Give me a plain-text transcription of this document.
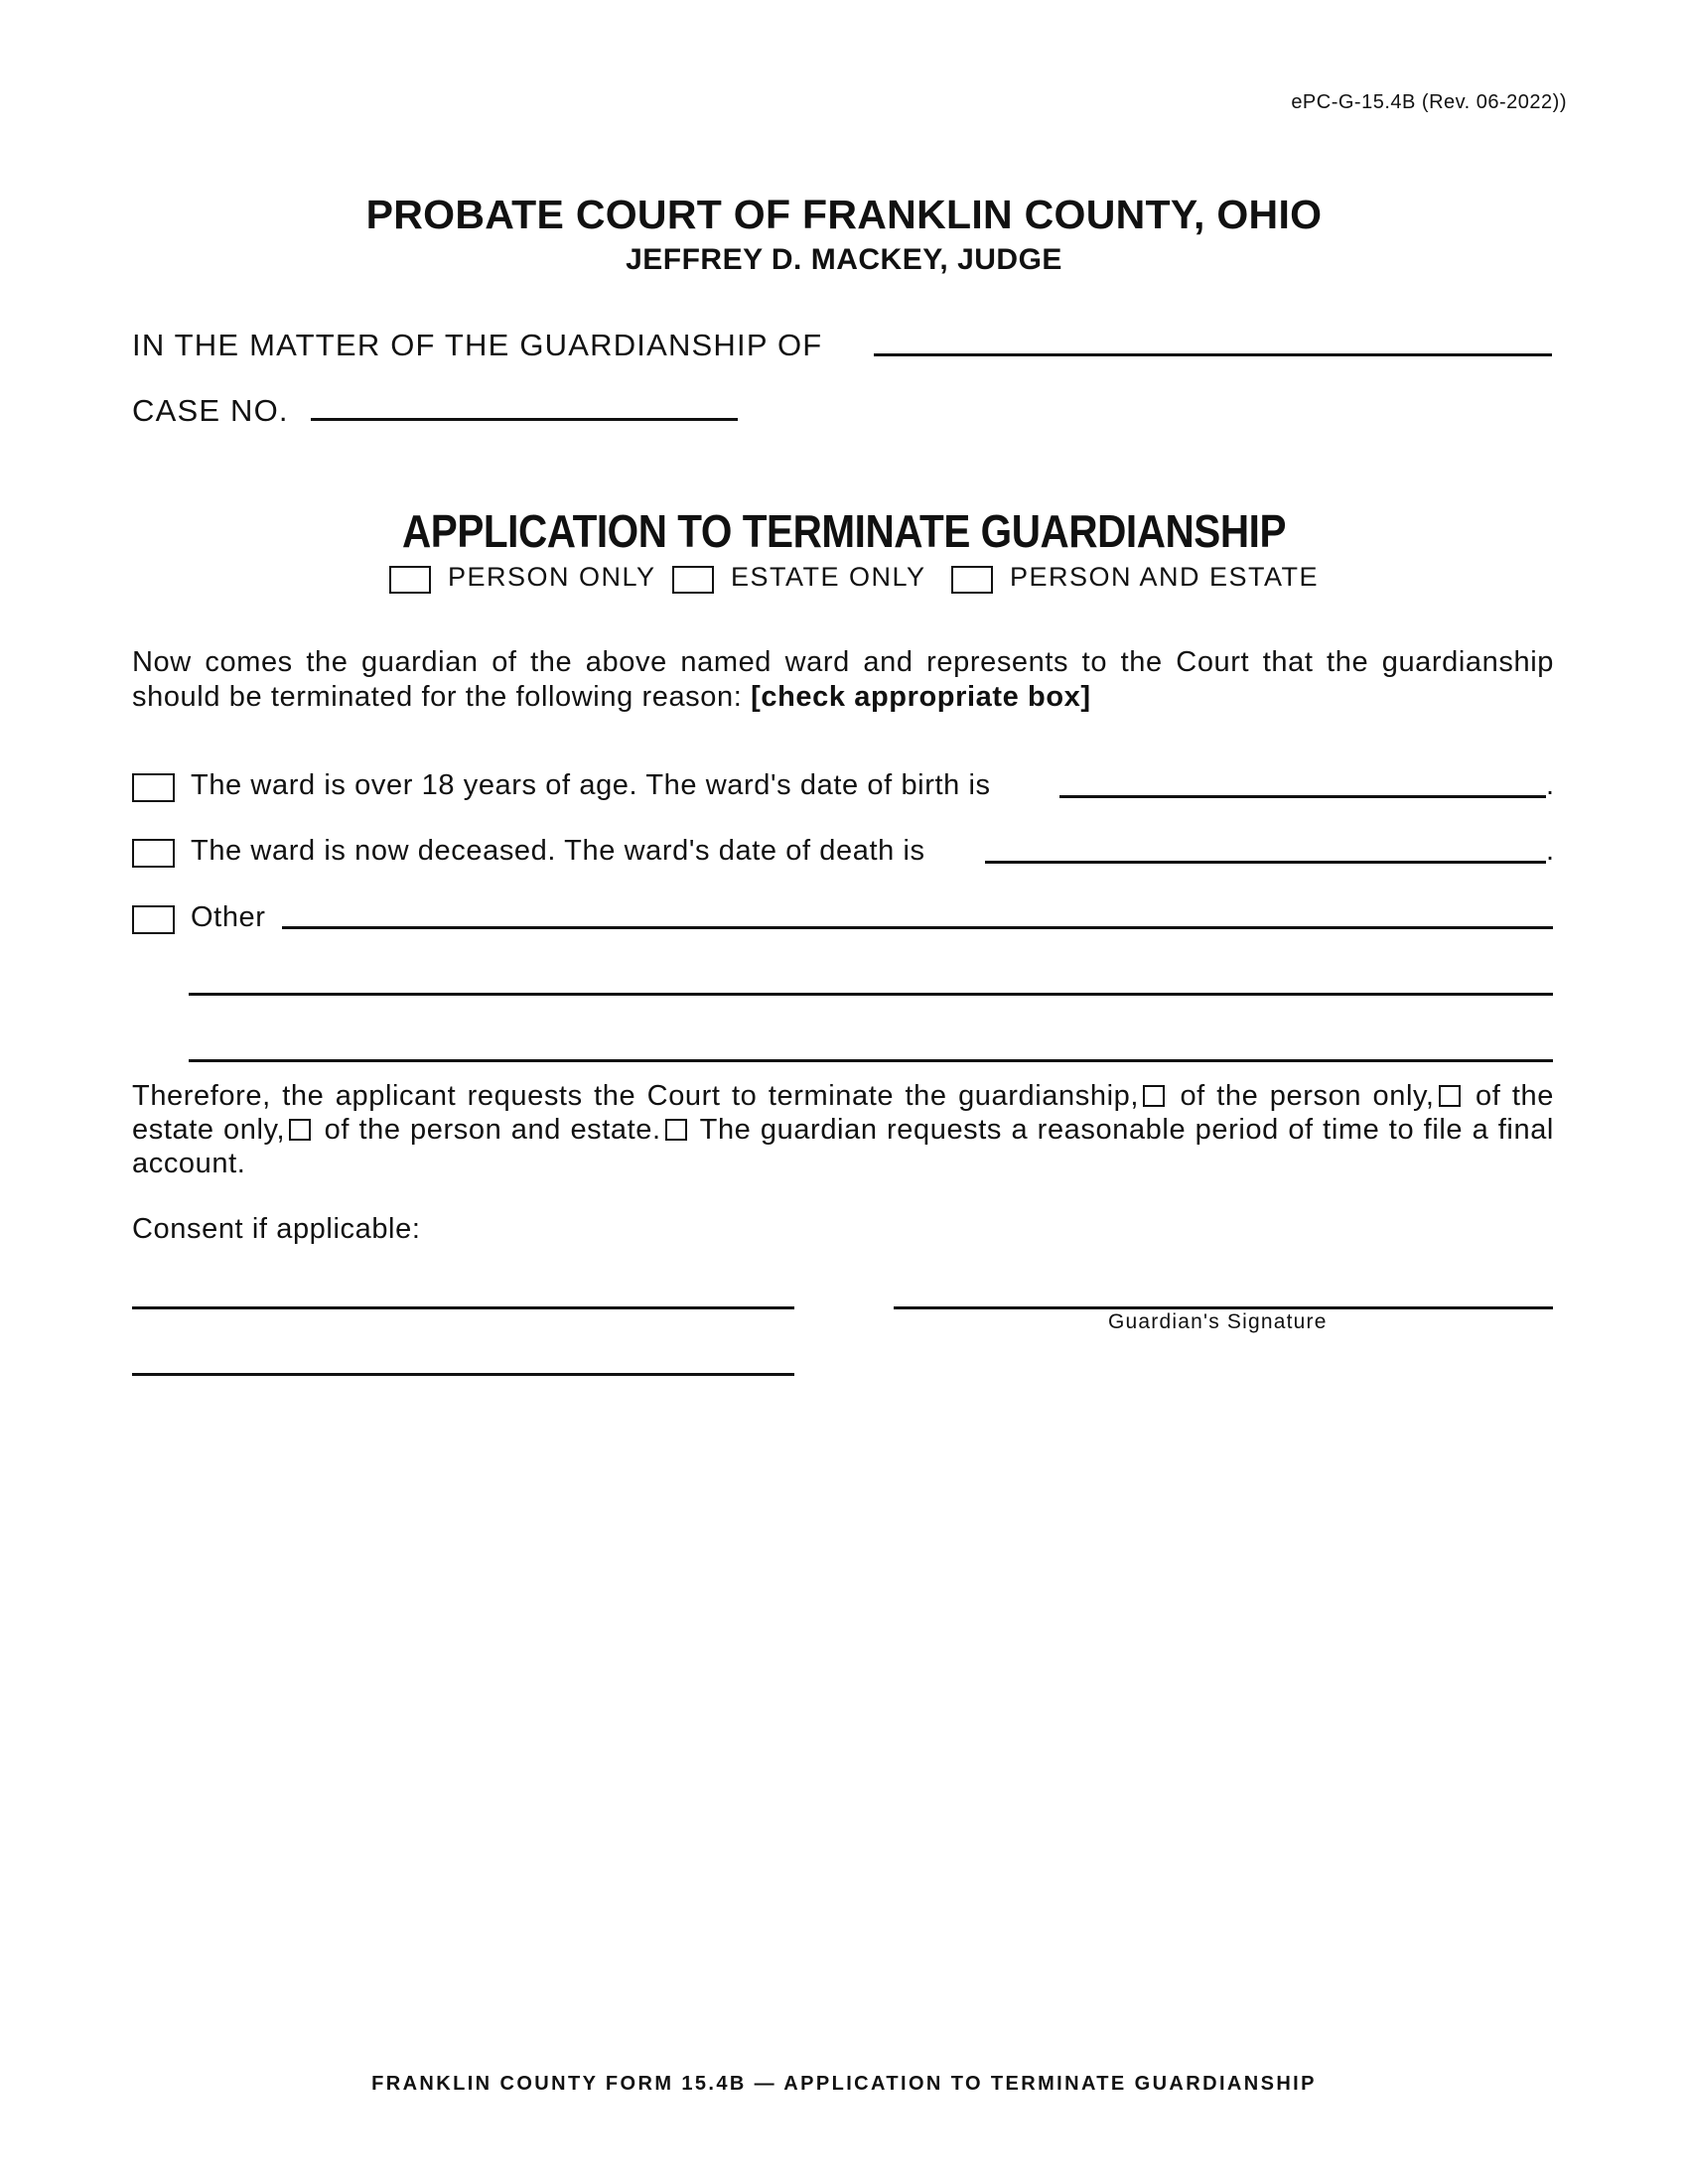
ePC-G-15.4B (Rev. 06-2022))
PROBATE COURT OF FRANKLIN COUNTY, OHIO
JEFFREY D. MACKEY, JUDGE
IN THE MATTER OF THE GUARDIANSHIP OF
CASE NO.
APPLICATION TO TERMINATE GUARDIANSHIP
PERSON ONLY	ESTATE ONLY	PERSON AND ESTATE
Now comes the guardian of the above named ward and represents to the Court that the guardianship should be terminated for the following reason: [check appropriate box]
The ward is over 18 years of age. The ward's date of birth is	.
The ward is now deceased. The ward's date of death is	.
Other
Therefore, the applicant requests the Court to terminate the guardianship, of the person only, of the estate only, of the person and estate. The guardian requests a reasonable period of time to file a final account.
Consent if applicable:
Guardian's Signature
FRANKLIN COUNTY FORM 15.4B — APPLICATION TO TERMINATE GUARDIANSHIP
